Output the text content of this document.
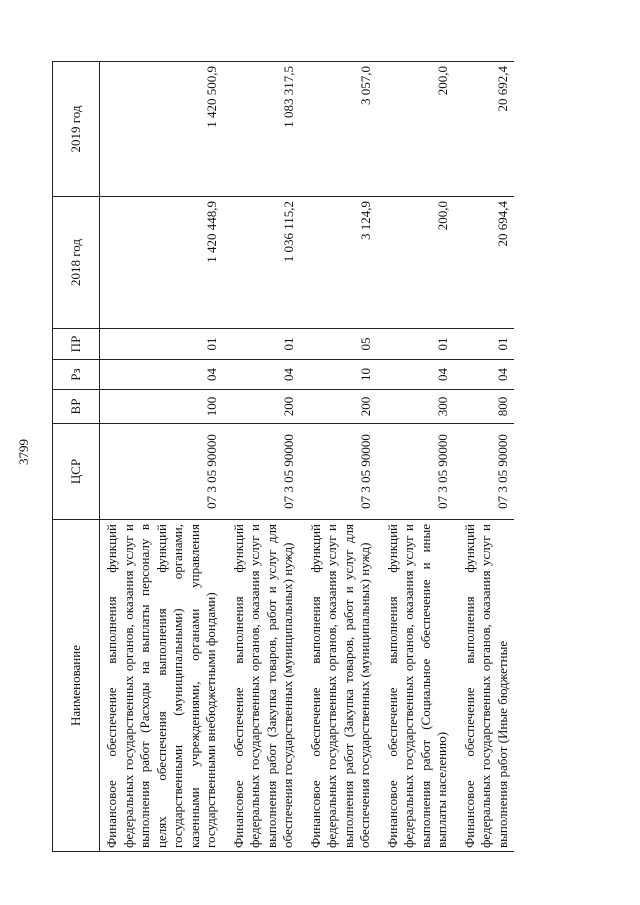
3799
Наименование	ЦСР	ВР	Рз	ПР	2018 год	2019 год
Финансовое обеспечение выполнения функций федеральных государственных органов, оказания услуг и выполнения работ (Расходы на выплаты персоналу в целях обеспечения выполнения функций государственными (муниципальными) органами, казенными учреждениями, органами управления государственными внебюджетными фондами)	07 3 05 90000	100	04	01	1 420 448,9	1 420 500,9
Финансовое обеспечение выполнения функций федеральных государственных органов, оказания услуг и выполнения работ (Закупка товаров, работ и услуг для обеспечения государственных (муниципальных) нужд)	07 3 05 90000	200	04	01	1 036 115,2	1 083 317,5
Финансовое обеспечение выполнения функций федеральных государственных органов, оказания услуг и выполнения работ (Закупка товаров, работ и услуг для обеспечения государственных (муниципальных) нужд)	07 3 05 90000	200	10	05	3 124,9	3 057,0
Финансовое обеспечение выполнения функций федеральных государственных органов, оказания услуг и выполнения работ (Социальное обеспечение и иные выплаты населению)	07 3 05 90000	300	04	01	200,0	200,0
Финансовое обеспечение выполнения функций федеральных государственных органов, оказания услуг и выполнения работ (Иные бюджетные	07 3 05 90000	800	04	01	20 694,4	20 692,4
